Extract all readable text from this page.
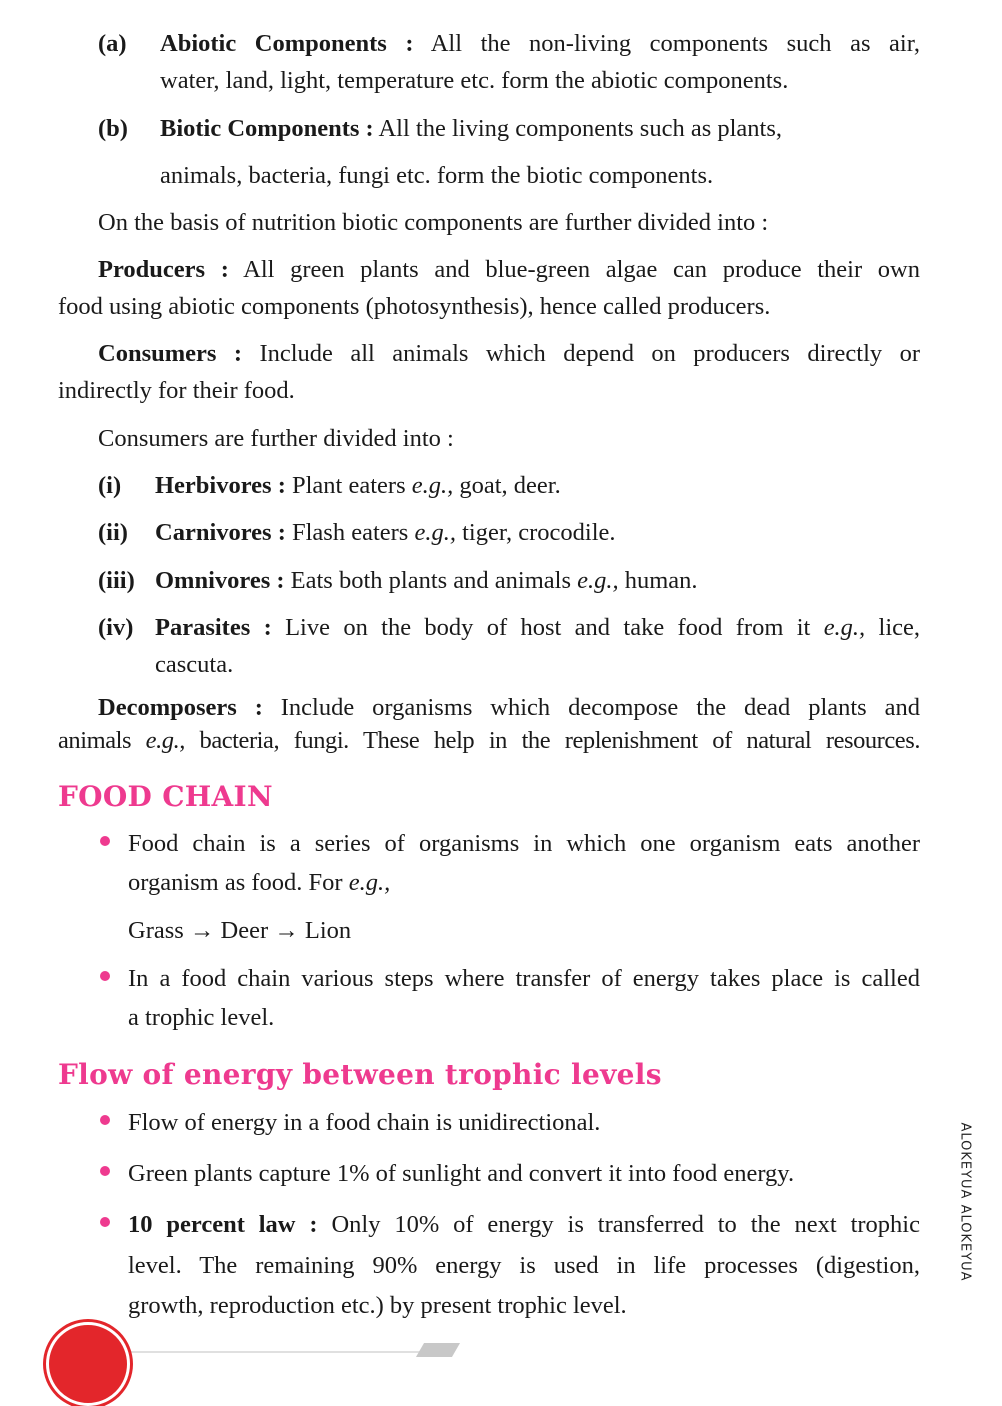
(a) Abiotic Components : All the non-living components such as air,
water, land, light, temperature etc. form the abiotic components.
(b) Biotic Components : All the living components such as plants,
animals, bacteria, fungi etc. form the biotic components.
On the basis of nutrition biotic components are further divided into :
Producers : All green plants and blue-green algae can produce their own
food using abiotic components (photosynthesis), hence called producers.
Consumers : Include all animals which depend on producers directly or
indirectly for their food.
Consumers are further divided into :
(i) Herbivores : Plant eaters e.g., goat, deer.
(ii) Carnivores : Flash eaters e.g., tiger, crocodile.
(iii) Omnivores : Eats both plants and animals e.g., human.
(iv) Parasites : Live on the body of host and take food from it e.g., lice,
cascuta.
Decomposers : Include organisms which decompose the dead plants and
animals e.g., bacteria, fungi. These help in the replenishment of natural resources.
FOOD CHAIN
Food chain is a series of organisms in which one organism eats another
organism as food. For e.g.,
Grass → Deer → Lion
In a food chain various steps where transfer of energy takes place is called
a trophic level.
Flow of energy between trophic levels
Flow of energy in a food chain is unidirectional.
Green plants capture 1% of sunlight and convert it into food energy.
10 percent law : Only 10% of energy is transferred to the next trophic
level. The remaining 90% energy is used in life processes (digestion,
growth, reproduction etc.) by present trophic level.
ALOKEYUA ALOKEYUA
